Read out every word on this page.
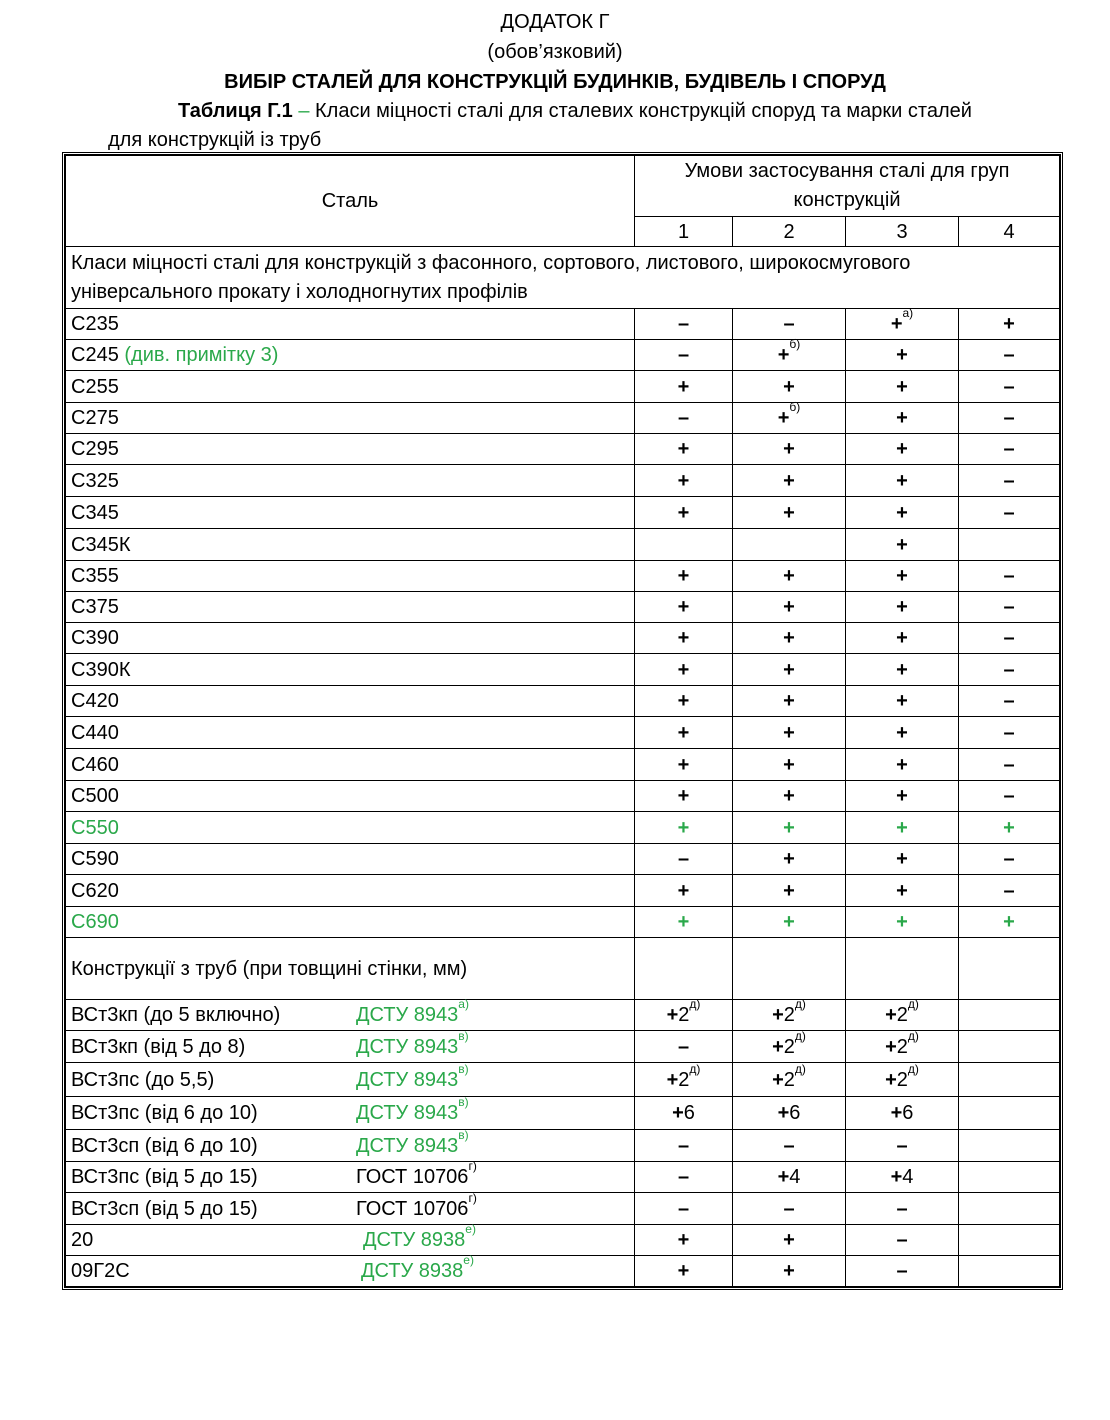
ДОДАТОК Г
(обов’язковий)
ВИБІР СТАЛЕЙ ДЛЯ КОНСТРУКЦІЙ БУДИНКІВ, БУДІВЕЛЬ І СПОРУД
Таблиця Г.1 – Класи міцності сталі для сталевих конструкцій споруд та марки сталей
для конструкцій із труб
Сталь	Умови застосування сталі для груп конструкцій			
	1	2	3	4
Класи міцності сталі для конструкцій з фасонного, сортового, листового, широкосмугового універсального прокату і холодногнутих профілів				
С235	–	–	+$^{а)}$	+
С245 (див. примітку 3)	–	+$^{б)}$	+	–
С255	+	+	+	–
С275	–	+$^{б)}$	+	–
С295	+	+	+	–
С325	+	+	+	–
С345	+	+	+	–
С345К			+	
С355	+	+	+	–
С375	+	+	+	–
С390	+	+	+	–
С390К	+	+	+	–
С420	+	+	+	–
С440	+	+	+	–
С460	+	+	+	–
С500	+	+	+	–
С550	+	+	+	+
С590	–	+	+	–
С620	+	+	+	–
С690	+	+	+	+
Конструкції з труб (при товщині стінки, мм)				

ВСт3кп (до 5 включно) ДСТУ $8943^{а)}$	$+2^{д)}$	$+2^{д)}$	$+2^{д)}$	

ВСт3кп (від 5 до 8) ДСТУ $8943^{в)}$	–	$+2^{д)}$	$+2^{д)}$	

ВСт3пс (до 5,5) ДСТУ $8943^{в)}$	$+2^{д)}$	$+2^{д)}$	$+2^{д)}$	

ВСт3пс (від 6 до 10) ДСТУ $8943^{в)}$	+6	+6	+6	

ВСт3сп (від 6 до 10) ДСТУ $8943^{в)}$	–	–	–	

ВСт3пс (від 5 до 15) ГОСТ $10706^{г)}$	–	+4	+4	

ВСт3сп (від 5 до 15) ГОСТ $10706^{г)}$	–	–	–	

20 ДСТУ $8938^{е)}$	+	+	–	

09Г2С ДСТУ $8938^{е)}$	+	+	–	
